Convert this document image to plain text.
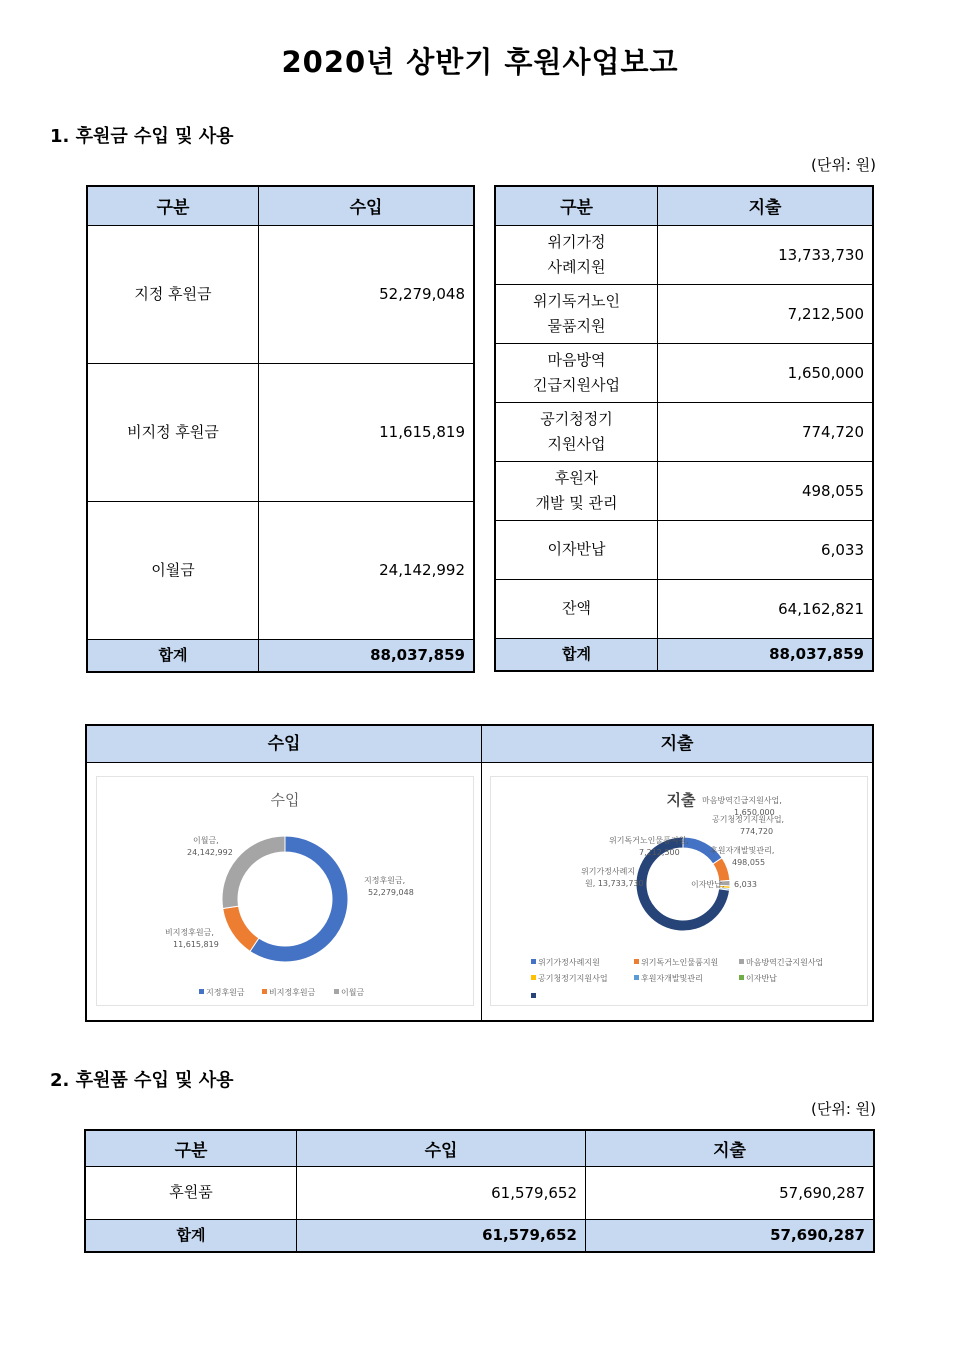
2020년 상반기 후원사업보고
1. 후원금 수입 및 사용
(단위: 원)
구분	수입
지정 후원금	52,279,048
비지정 후원금	11,615,819
이월금	24,142,992
합계	88,037,859
구분	지출
위기가정
사례지원	13,733,730
위기독거노인
물품지원	7,212,500
마음방역
긴급지원사업	1,650,000
공기청정기
지원사업	774,720
후원자
개발 및 관리	498,055
이자반납	6,033
잔액	64,162,821
합계	88,037,859
수입	지출
수입
지정후원금,
52,279,048
비지정후원금,
11,615,819
이월금,
24,142,992
지정후원금	비지정후원금	이월금
지출
위기가정사례지
원, 13,733,730
위기독거노인물품지원,
7,212,500
마음방역긴급지원사업,
1,650,000
공기청정기지원사업,
774,720
후원자개발및관리,
498,055
이자반납, 6,033
위기가정사례지원	위기독거노인물품지원	마음방역긴급지원사업
공기청정기지원사업	후원자개발및관리	이자반납
2. 후원품 수입 및 사용
(단위: 원)
구분	수입	지출
후원품	61,579,652	57,690,287
합계	61,579,652	57,690,287
